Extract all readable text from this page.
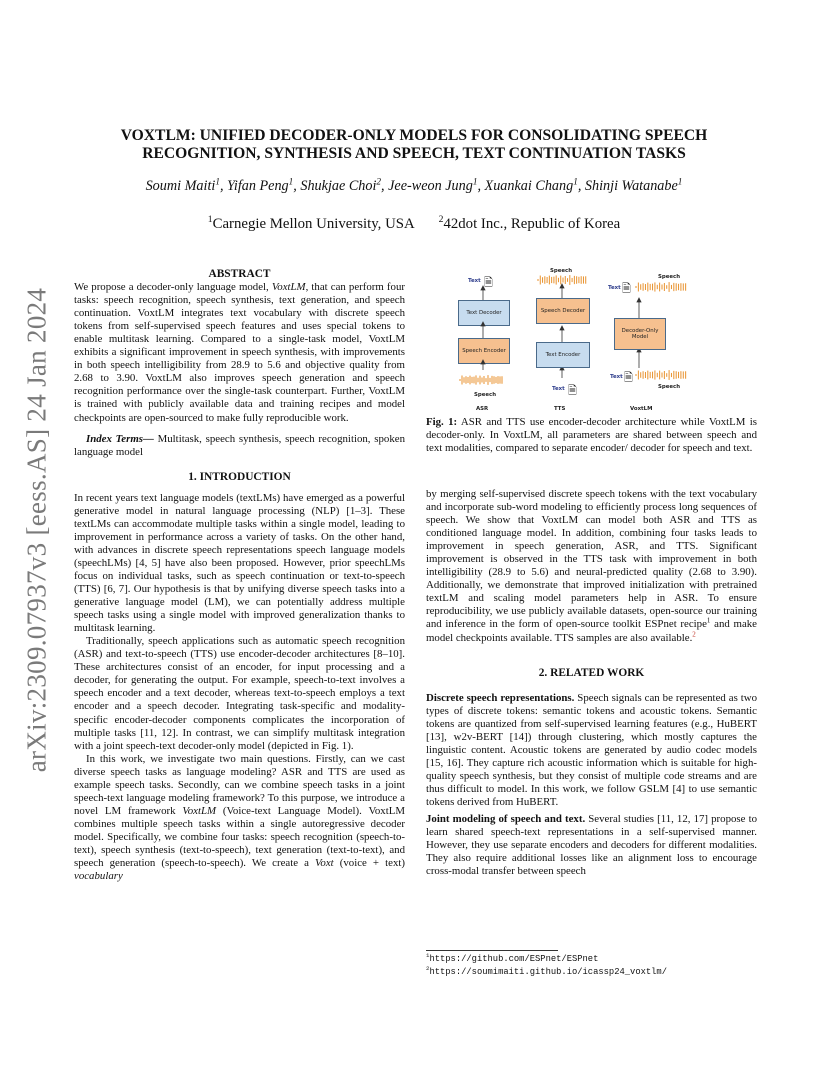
arXiv:2309.07937v3 [eess.AS] 24 Jan 2024
VOXTLM: UNIFIED DECODER-ONLY MODELS FOR CONSOLIDATING SPEECH RECOGNITION, SYNTHESIS AND SPEECH, TEXT CONTINUATION TASKS
Soumi Maiti$^1$, Yifan Peng$^1$, Shukjae Choi$^2$, Jee-weon Jung$^1$, Xuankai Chang$^1$, Shinji Watanabe$^1$
$^1$Carnegie Mellon University, USA $^2$42dot Inc., Republic of Korea

ABSTRACT

We propose a decoder-only language model, VoxtLM, that can perform four tasks: speech recognition, speech synthesis, text generation, and speech continuation. VoxtLM integrates text vocabulary with discrete speech tokens from self-supervised speech features and uses special tokens to enable multitask learning. Compared to a single-task model, VoxtLM exhibits a significant improvement in speech synthesis, with improvements in both speech intelligibility from 28.9 to 5.6 and objective quality from 2.68 to 3.90. VoxtLM also improves speech generation and speech recognition performance over the single-task counterpart. Further, VoxtLM is trained with publicly available data and training recipes and model checkpoints are open-sourced to make fully reproducible work.

Index Terms— Multitask, speech synthesis, speech recognition, spoken language model

1. INTRODUCTION

In recent years text language models (textLMs) have emerged as a powerful generative model in natural language processing (NLP) [1–3]. These textLMs can accommodate multiple tasks within a single model, leading to improvement in performance across a variety of tasks. On the other hand, with advances in discrete speech representations speech language models (speechLMs) [4, 5] have also been proposed. However, prior speechLMs focus on individual tasks, such as speech continuation or text-to-speech (TTS) [6, 7]. Our hypothesis is that by unifying diverse speech tasks into a generative language model (LM), we can potentially address multiple speech tasks using a single model with improved generalization thanks to multitask learning.

Traditionally, speech applications such as automatic speech recognition (ASR) and text-to-speech (TTS) use encoder-decoder architectures [8–10]. These architectures consist of an encoder, for input processing and a decoder, for generating the output. For example, speech-to-text involves a speech encoder and a text decoder, whereas text-to-speech employs a text encoder and a speech decoder. Integrating task-specific and modality-specific encoder-decoder components complicates the incorporation of multiple tasks [11, 12]. In contrast, we can simplify multitask integration with a joint speech-text decoder-only model (depicted in Fig. 1).

In this work, we investigate two main questions. Firstly, can we cast diverse speech tasks as language modeling? ASR and TTS are used as example speech tasks. Secondly, can we combine speech tasks in a joint speech-text language modeling framework? To this purpose, we introduce a novel LM framework VoxtLM (Voice-text Language Model). VoxtLM combines multiple speech tasks within a single autoregressive decoder model. Specifically, we combine four tasks: speech recognition (speech-to-text), speech synthesis (text-to-speech), text generation (text-to-text), and speech generation (speech-to-speech). We create a Voxt (voice + text) vocabulary

Text 🗎
Text Decoder
Speech Encoder
Speech
ASR
Speech
Speech Decoder
Text Encoder
Text 🗎
TTS
Speech
Text 🗎
Decoder-Only Model
Text 🗎
Speech
VoxtLM
Fig. 1: ASR and TTS use encoder-decoder architecture while VoxtLM is decoder-only. In VoxtLM, all parameters are shared between speech and text modalities, compared to separate encoder/ decoder for speech and text.

by merging self-supervised discrete speech tokens with the text vocabulary and incorporate sub-word modeling to efficiently process long sequences of speech. We show that VoxtLM can model both ASR and TTS as conditioned language model. In addition, combining four tasks leads to improvement in speech generation, ASR, and TTS. Significant improvement is observed in the TTS task with improvement in both intelligibility (28.9 to 5.6) and neural-predicted quality (2.68 to 3.90). Additionally, we demonstrate that improved initialization with pretrained textLM and scaling model parameters help in ASR. To ensure reproducibility, we use publicly available datasets, open-source our training and inference in the form of open-source toolkit ESPnet recipe$^1$ and make model checkpoints available. TTS samples are also available.$^2$

2. RELATED WORK

Discrete speech representations. Speech signals can be represented as two types of discrete tokens: semantic tokens and acoustic tokens. Semantic tokens are quantized from self-supervised learning features (e.g., HuBERT [13], w2v-BERT [14]) through clustering, which mostly captures the linguistic content. Acoustic tokens are generated by audio codec models [15, 16]. They capture rich acoustic information which is suitable for high-quality speech synthesis, but they consist of multiple code streams and are thus difficult to model. In this work, we follow GSLM [4] to use semantic tokens derived from HuBERT.

Joint modeling of speech and text. Several studies [11, 12, 17] propose to learn shared speech-text representations in a self-supervised manner. However, they use separate encoders and decoders for different modalities. They also require additional losses like an alignment loss to encourage cross-modal transfer between speech

$^1$https://github.com/ESPnet/ESPnet
$^2$https://soumimaiti.github.io/icassp24_voxtlm/
